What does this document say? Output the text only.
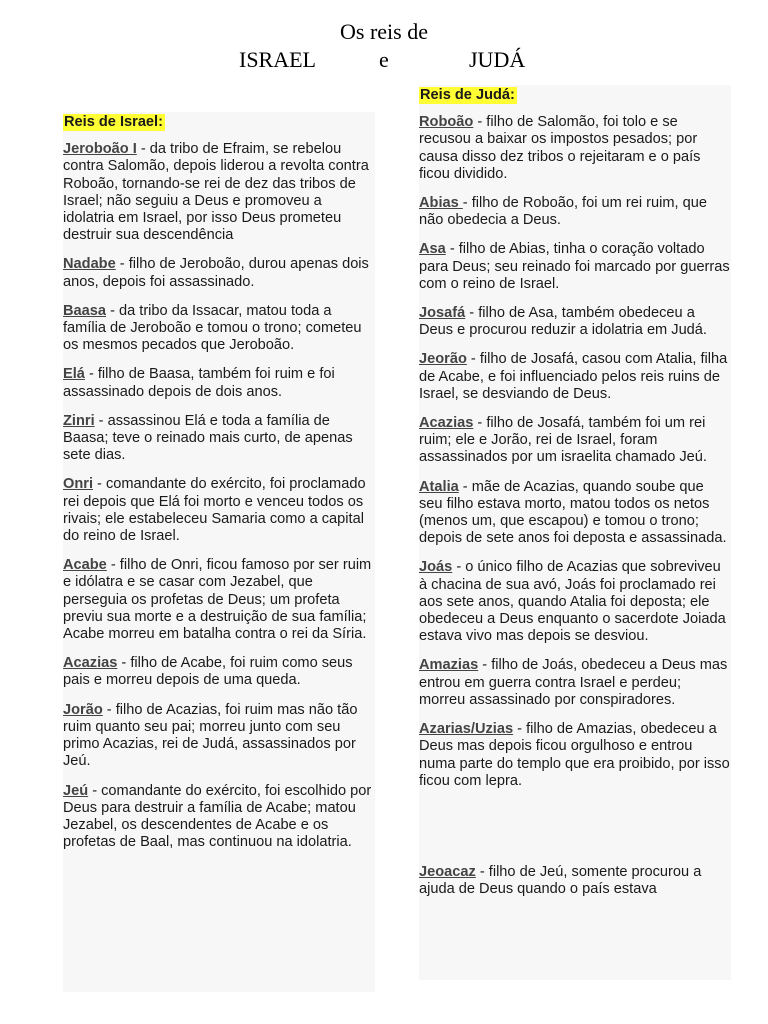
Os reis de
ISRAEL	e	JUDÁ
Reis de Israel:
Jeroboão I - da tribo de Efraim, se rebelou contra Salomão, depois liderou a revolta contra Roboão, tornando-se rei de dez das tribos de Israel; não seguiu a Deus e promoveu a idolatria em Israel, por isso Deus prometeu destruir sua descendência
Nadabe - filho de Jeroboão, durou apenas dois anos, depois foi assassinado.
Baasa - da tribo da Issacar, matou toda a família de Jeroboão e tomou o trono; cometeu os mesmos pecados que Jeroboão.
Elá - filho de Baasa, também foi ruim e foi assassinado depois de dois anos.
Zinri - assassinou Elá e toda a família de Baasa; teve o reinado mais curto, de apenas sete dias.
Onri - comandante do exército, foi proclamado rei depois que Elá foi morto e venceu todos os rivais; ele estabeleceu Samaria como a capital do reino de Israel.
Acabe - filho de Onri, ficou famoso por ser ruim e idólatra e se casar com Jezabel, que perseguia os profetas de Deus; um profeta previu sua morte e a destruição de sua família; Acabe morreu em batalha contra o rei da Síria.
Acazias - filho de Acabe, foi ruim como seus pais e morreu depois de uma queda.
Jorão - filho de Acazias, foi ruim mas não tão ruim quanto seu pai; morreu junto com seu primo Acazias, rei de Judá, assassinados por Jeú.
Jeú - comandante do exército, foi escolhido por Deus para destruir a família de Acabe; matou Jezabel, os descendentes de Acabe e os profetas de Baal, mas continuou na idolatria.
Reis de Judá:
Roboão - filho de Salomão, foi tolo e se recusou a baixar os impostos pesados; por causa disso dez tribos o rejeitaram e o país ficou dividido.
Abias - filho de Roboão, foi um rei ruim, que não obedecia a Deus.
Asa - filho de Abias, tinha o coração voltado para Deus; seu reinado foi marcado por guerras com o reino de Israel.
Josafá - filho de Asa, também obedeceu a Deus e procurou reduzir a idolatria em Judá.
Jeorão - filho de Josafá, casou com Atalia, filha de Acabe, e foi influenciado pelos reis ruins de Israel, se desviando de Deus.
Acazias - filho de Josafá, também foi um rei ruim; ele e Jorão, rei de Israel, foram assassinados por um israelita chamado Jeú.
Atalia - mãe de Acazias, quando soube que seu filho estava morto, matou todos os netos (menos um, que escapou) e tomou o trono; depois de sete anos foi deposta e assassinada.
Joás - o único filho de Acazias que sobreviveu à chacina de sua avó, Joás foi proclamado rei aos sete anos, quando Atalia foi deposta; ele obedeceu a Deus enquanto o sacerdote Joiada estava vivo mas depois se desviou.
Amazias - filho de Joás, obedeceu a Deus mas entrou em guerra contra Israel e perdeu; morreu assassinado por conspiradores.
Azarias/Uzias - filho de Amazias, obedeceu a Deus mas depois ficou orgulhoso e entrou numa parte do templo que era proibido, por isso ficou com lepra.
Jeoacaz - filho de Jeú, somente procurou a ajuda de Deus quando o país estava
